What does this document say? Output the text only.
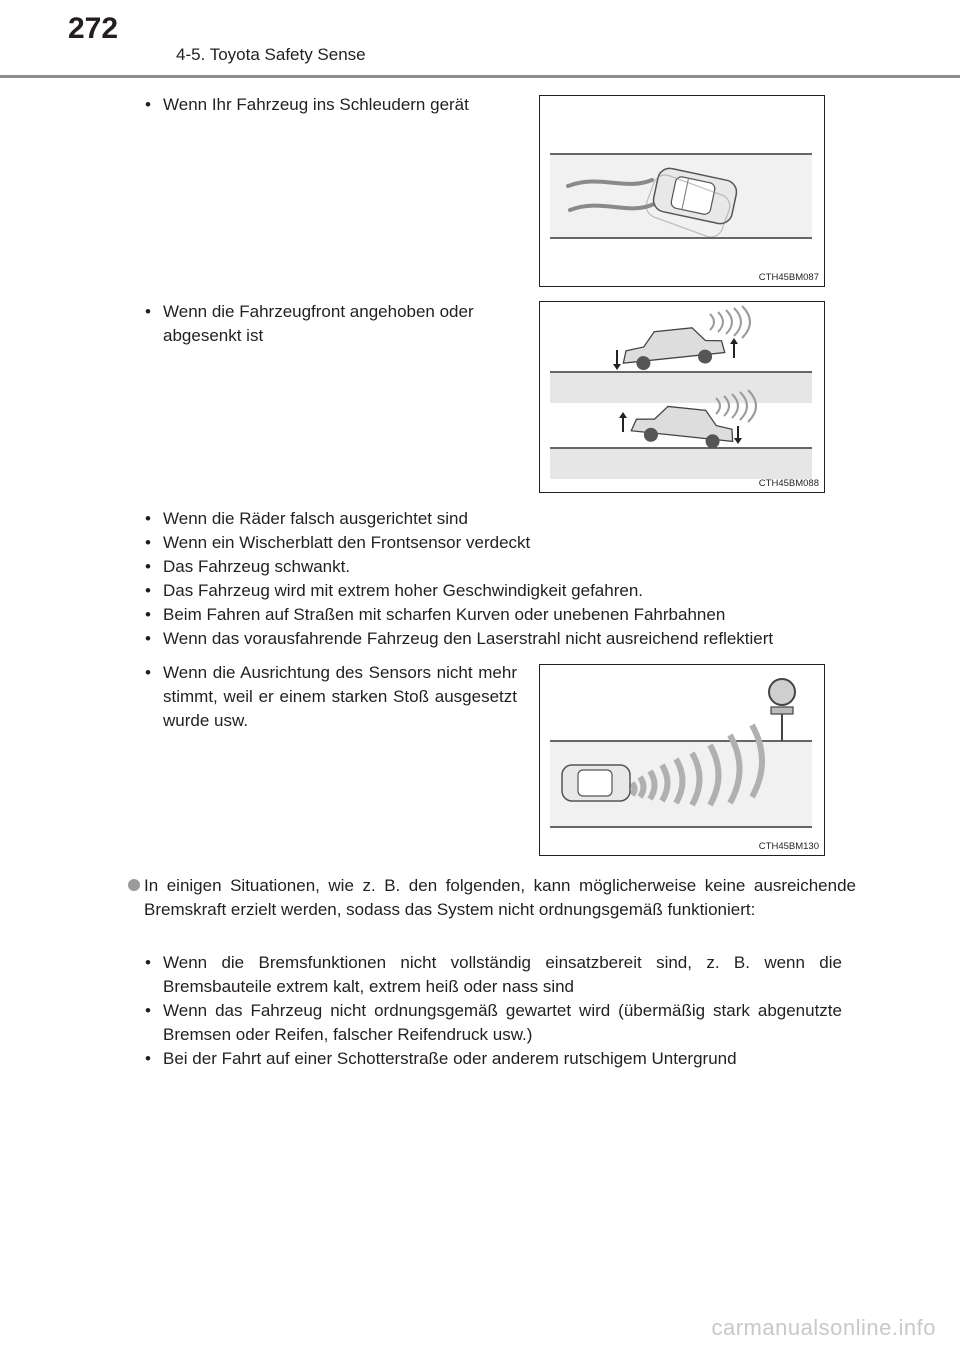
272
4-5. Toyota Safety Sense
• Wenn Ihr Fahrzeug ins Schleudern gerät
CTH45BM087
• Wenn die Fahrzeugfront angehoben oder abgesenkt ist
CTH45BM088
• Wenn die Räder falsch ausgerichtet sind
• Wenn ein Wischerblatt den Frontsensor verdeckt
• Das Fahrzeug schwankt.
• Das Fahrzeug wird mit extrem hoher Geschwindigkeit gefahren.
• Beim Fahren auf Straßen mit scharfen Kurven oder unebenen Fahrbahnen
• Wenn das vorausfahrende Fahrzeug den Laserstrahl nicht ausreichend reflektiert
• Wenn die Ausrichtung des Sensors nicht mehr stimmt, weil er einem starken Stoß ausgesetzt wurde usw.
CTH45BM130
In einigen Situationen, wie z. B. den folgenden, kann möglicherweise keine ausreichende Bremskraft erzielt werden, sodass das System nicht ordnungsgemäß funktioniert:
• Wenn die Bremsfunktionen nicht vollständig einsatzbereit sind, z. B. wenn die Bremsbauteile extrem kalt, extrem heiß oder nass sind
• Wenn das Fahrzeug nicht ordnungsgemäß gewartet wird (übermäßig stark abgenutzte Bremsen oder Reifen, falscher Reifendruck usw.)
• Bei der Fahrt auf einer Schotterstraße oder anderem rutschigem Untergrund
carmanualsonline.info
